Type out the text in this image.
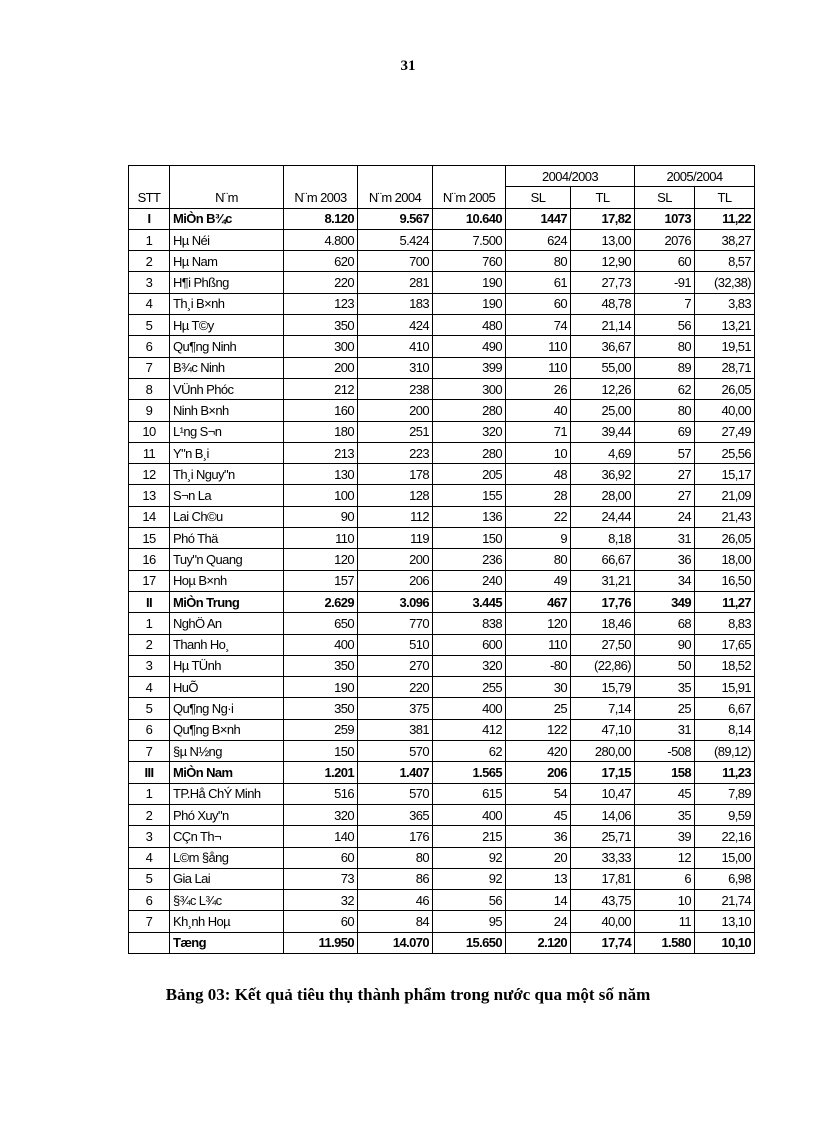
31
					2004/2003		2005/2004	
STT	N¨m	N¨m 2003	N¨m 2004	N¨m 2005	SL	TL	SL	TL
I	MiÒn B¾c	8.120	9.567	10.640	1447	17,82	1073	11,22
1	Hµ Néi	4.800	5.424	7.500	624	13,00	2076	38,27
2	Hµ Nam	620	700	760	80	12,90	60	8,57
3	H¶i Phßng	220	281	190	61	27,73	-91	(32,38)
4	Th¸i B×nh	123	183	190	60	48,78	7	3,83
5	Hµ T©y	350	424	480	74	21,14	56	13,21
6	Qu¶ng Ninh	300	410	490	110	36,67	80	19,51
7	B¾c Ninh	200	310	399	110	55,00	89	28,71
8	VÜnh Phóc	212	238	300	26	12,26	62	26,05
9	Ninh B×nh	160	200	280	40	25,00	80	40,00
10	L¹ng S¬n	180	251	320	71	39,44	69	27,49
11	Y"n B¸i	213	223	280	10	4,69	57	25,56
12	Th¸i Nguy"n	130	178	205	48	36,92	27	15,17
13	S¬n La	100	128	155	28	28,00	27	21,09
14	Lai Ch©u	90	112	136	22	24,44	24	21,43
15	Phó Thä	110	119	150	9	8,18	31	26,05
16	Tuy"n Quang	120	200	236	80	66,67	36	18,00
17	Hoµ B×nh	157	206	240	49	31,21	34	16,50
II	MiÒn Trung	2.629	3.096	3.445	467	17,76	349	11,27
1	NghÖ An	650	770	838	120	18,46	68	8,83
2	Thanh Ho¸	400	510	600	110	27,50	90	17,65
3	Hµ TÜnh	350	270	320	-80	(22,86)	50	18,52
4	HuÕ	190	220	255	30	15,79	35	15,91
5	Qu¶ng Ng·i	350	375	400	25	7,14	25	6,67
6	Qu¶ng B×nh	259	381	412	122	47,10	31	8,14
7	§µ N½ng	150	570	62	420	280,00	-508	(89,12)
III	MiÒn Nam	1.201	1.407	1.565	206	17,15	158	11,23
1	TP.Hå ChÝ Minh	516	570	615	54	10,47	45	7,89
2	Phó Xuy"n	320	365	400	45	14,06	35	9,59
3	CÇn Th¬	140	176	215	36	25,71	39	22,16
4	L©m §ång	60	80	92	20	33,33	12	15,00
5	Gia Lai	73	86	92	13	17,81	6	6,98
6	§¾c L¾c	32	46	56	14	43,75	10	21,74
7	Kh¸nh Hoµ	60	84	95	24	40,00	11	13,10
	Tæng	11.950	14.070	15.650	2.120	17,74	1.580	10,10
Bảng 03: Kết quả tiêu thụ thành phẩm trong nước qua một số năm
